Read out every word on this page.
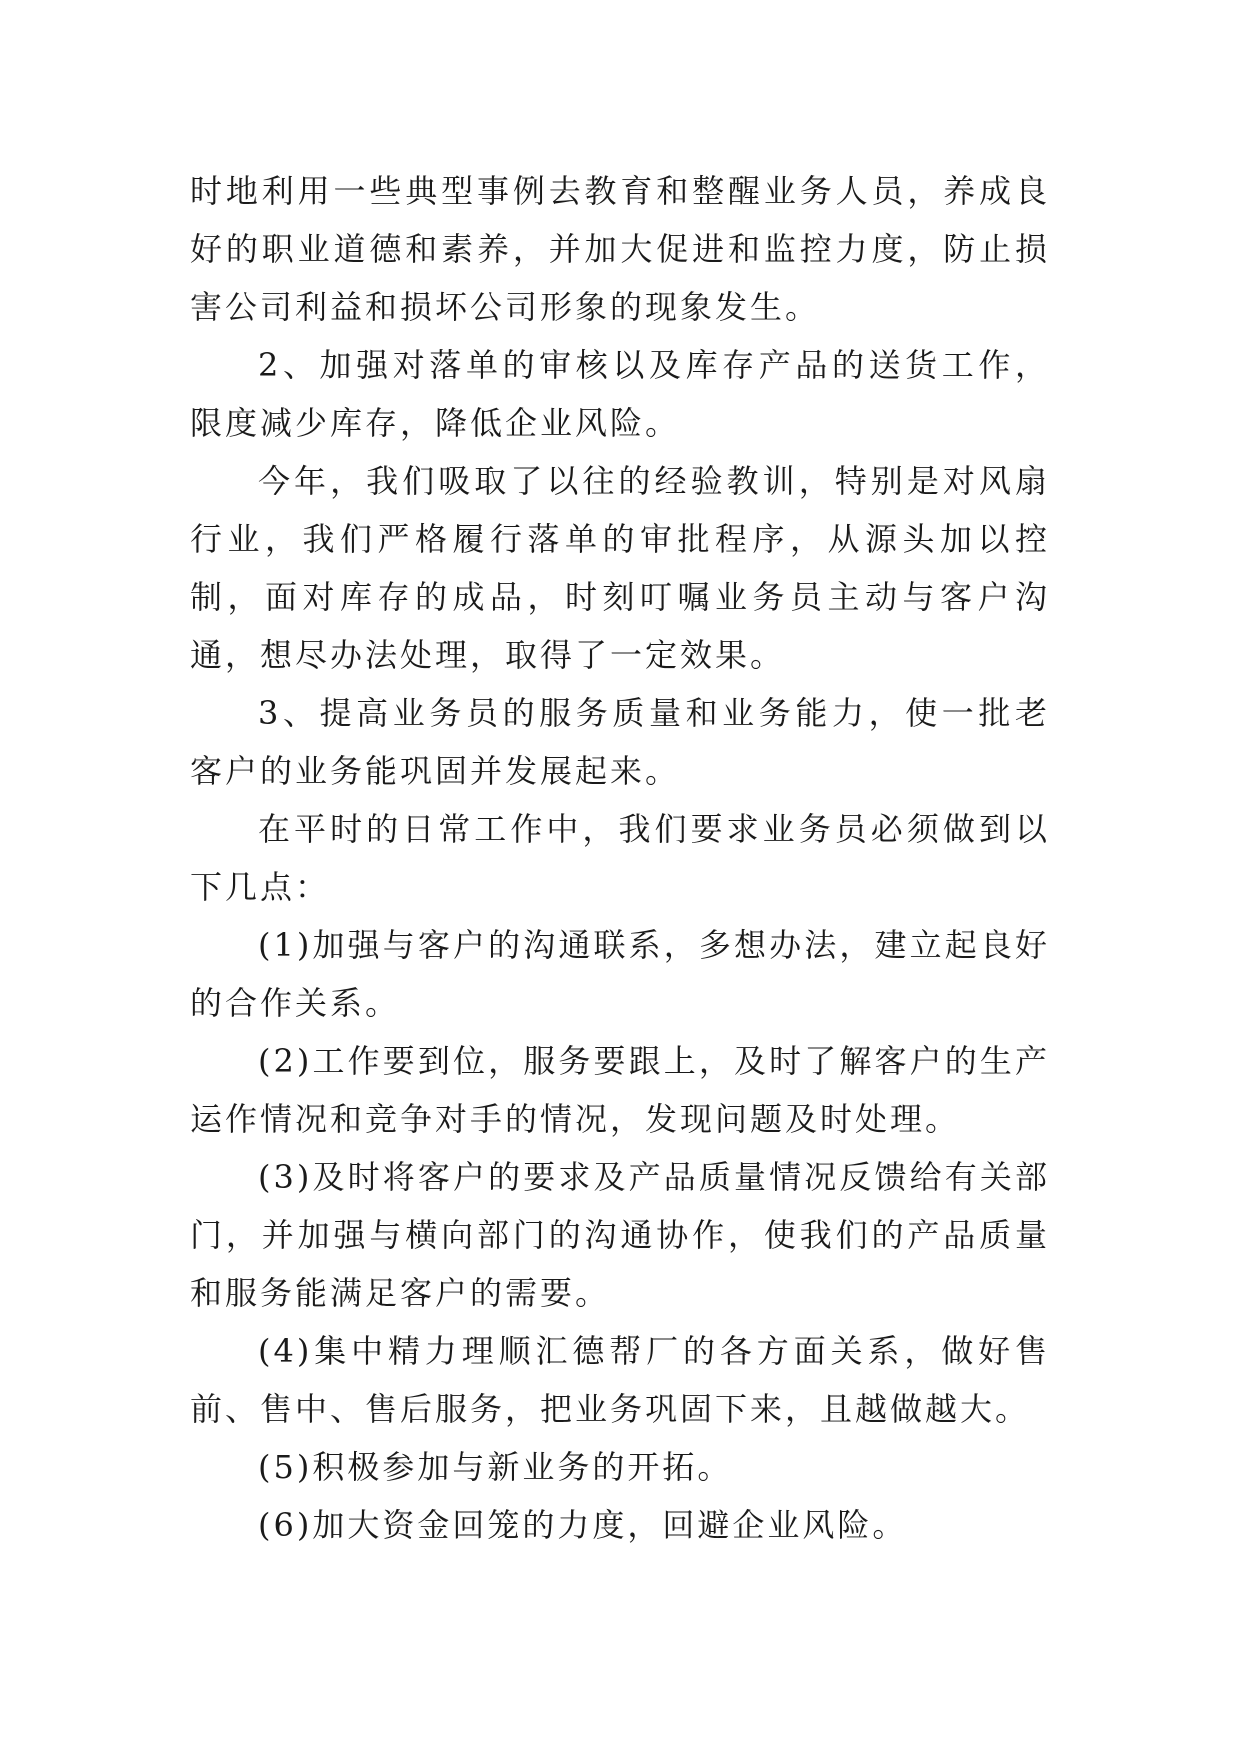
时地利用一些典型事例去教育和整醒业务人员，养成良好的职业道德和素养，并加大促进和监控力度，防止损害公司利益和损坏公司形象的现象发生。

2、加强对落单的审核以及库存产品的送货工作，限度减少库存，降低企业风险。

今年，我们吸取了以往的经验教训，特别是对风扇行业，我们严格履行落单的审批程序，从源头加以控制，面对库存的成品，时刻叮嘱业务员主动与客户沟通，想尽办法处理，取得了一定效果。

3、提高业务员的服务质量和业务能力，使一批老客户的业务能巩固并发展起来。

在平时的日常工作中，我们要求业务员必须做到以下几点：

(1)加强与客户的沟通联系，多想办法，建立起良好的合作关系。

(2)工作要到位，服务要跟上，及时了解客户的生产运作情况和竞争对手的情况，发现问题及时处理。

(3)及时将客户的要求及产品质量情况反馈给有关部门，并加强与横向部门的沟通协作，使我们的产品质量和服务能满足客户的需要。

(4)集中精力理顺汇德帮厂的各方面关系，做好售前、售中、售后服务，把业务巩固下来，且越做越大。

(5)积极参加与新业务的开拓。

(6)加大资金回笼的力度，回避企业风险。
